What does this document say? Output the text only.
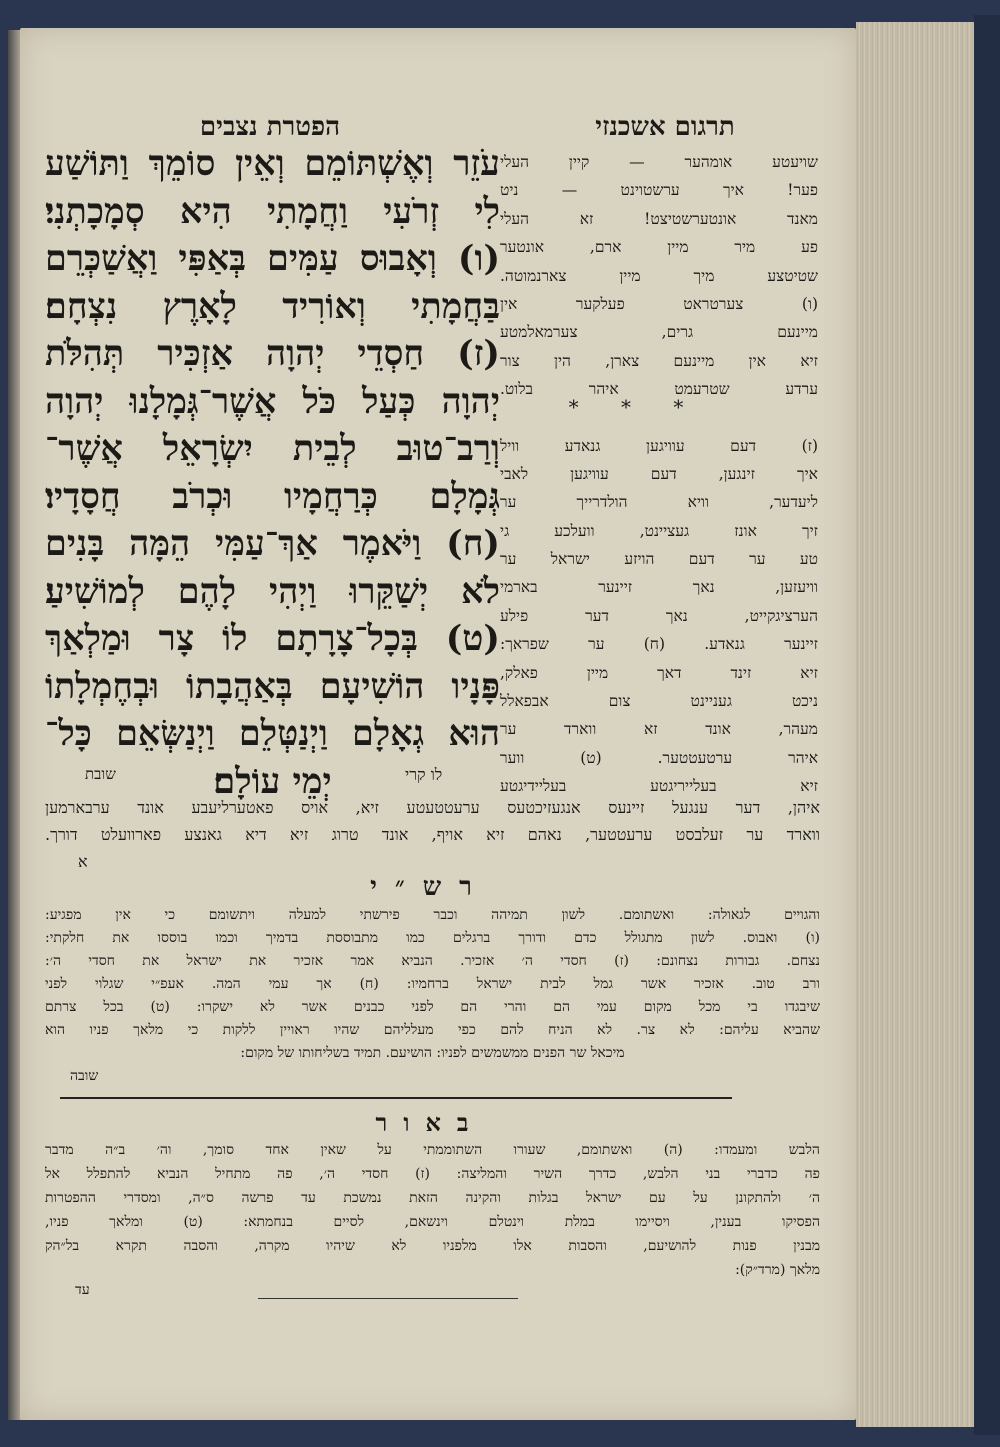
תרגום אשכנזי
הפטרת נצבים
עֹזֵר וְאֶשְׁתּוֹמֵם וְאֵין סוֹמֵךְ וַתּוֹשַׁע
לִי זְרֹעִי וַחֲמָתִי הִיא סְמָכָתְנִי׃
(ו) וְאָבוּס עַמִּים בְּאַפִּי וַאֲשַׁכְּרֵם
בַּחֲמָתִי וְאוֹרִיד לָאָרֶץ נִצְחָם׃
(ז) חַסְדֵי יְהוָה אַזְכִּיר תְּהִלֹּת
יְהוָה כְּעַל כֹּל אֲשֶׁר־גְּמָלָנוּ יְהוָה
וְרַב־טוּב לְבֵית יִשְׂרָאֵל אֲשֶׁר־
גְּמָלָם כְּרַחֲמָיו וּכְרֹב חֲסָדָיו׃
(ח) וַיֹּאמֶר אַךְ־עַמִּי הֵמָּה בָּנִים
לֹא יְשַׁקֵּרוּ וַיְהִי לָהֶם לְמוֹשִׁיעַ׃
(ט) בְּכָל־צָרָתָם לוֹ צָר וּמַלְאַךְ
פָּנָיו הוֹשִׁיעָם בְּאַהֲבָתוֹ וּבְחֶמְלָתוֹ
הוּא גְאָלָם וַיְנַטְּלֵם וַיְנַשְּׂאֵם כָּל־
יְמֵי עוֹלָם׃
שויעטע אומהער — קיין העלי
פער! איך ערשטוינט — ניט
מאנד אונטערשטיצט! זא העלי
פע מיר מיין ארם, אונטער
שטיטצע מיך מיין צארנמוטה.
(ו) צערטראט פעלקער אין
מיינעם גרים, צערמאלמטע
זיא אין מיינעם צארן, הין צור
ערדע שטרעמט איהר בלוט.
(ז) דעם עוויגען גנאדע וויל
איך זינגען, דעם עוויגען לאבי
ליעדער, וויא הולדרייך ער
זיך אונז געציינט, וועלכע גי
טע ער דעם הויזע ישראל ער
וויעזען, נאך זיינער בארמי
הערציגקייט, נאך דער פילע
זיינער גנאדע. (ח) ער שפראך:
זיא זינד דאך מיין פאלק,
ניכט געניינט צום אבפאלל
מעהר, אונד זא ווארד ער
איהר ערטעטטער. (ט) ווער
זיא בעלייריגטע בעליידיגטע
* * *
לו קרי
שובת
איהן, דער ענגעל זיינעס אנגעזיכטעס ערעטטעטע זיא, אויס פאטערליעבע אונד ערבארמען
ווארד ער זעלבסט ערעטטער, נאהם זיא אויף, אונד טרוג זיא דיא גאנצע פארוועלט דורך.
א
רש״י
והגויים לגאולה: ואשתומם. לשון תמיהה וכבר פירשתי למעלה ויתשומם כי אין מפגיע:
(ו) ואבוס. לשון מתגולל כדם ודורך ברגלים כמו מתבוססת בדמיך וכמו בוססו את חלקתי:
נצחם. גבורות נצחונם: (ז) חסדי ה׳ אזכיר. הנביא אמר אזכיר את ישראל את חסדי ה׳:
ורב טוב. אזכיר אשר גמל לבית ישראל ברחמיו: (ח) אך עמי המה. אעפ״י שגלוי לפני
שיבגדו בי מכל מקום עמי הם והרי הם לפני כבנים אשר לא ישקרו: (ט) בכל צרתם
שהביא עליהם: לא צר. לא הניח להם כפי מעלליהם שהיו ראויין ללקות כי מלאך פניו הוא
מיכאל שר הפנים ממשמשים לפניו: הושיעם. תמיד בשליחותו של מקום:
שובה
באור
הלבש ומעמדו: (ה) ואשתומם, שעורו השתוממתי על שאין אחד סומך, וה׳ ב״ה מדבר
פה כדברי בני הלבש, כדרך השיר והמליצה: (ז) חסדי ה׳, פה מתחיל הנביא להתפלל אל
ה׳ ולהתקונן על עם ישראל בגלות והקינה הזאת נמשכת עד פרשה ס״ה, ומסדרי ההפטרות
הפסיקו בענין, ויסיימו במלת וינטלם וינשאם, לסיים בנחמתא: (ט) ומלאך פניו,
מבנין פנות להושיעם, והסבות אלו מלפניו לא שיהיו מקרה, והסבה תקרא בל״הק
מלאך (מרד״ק):
עד
